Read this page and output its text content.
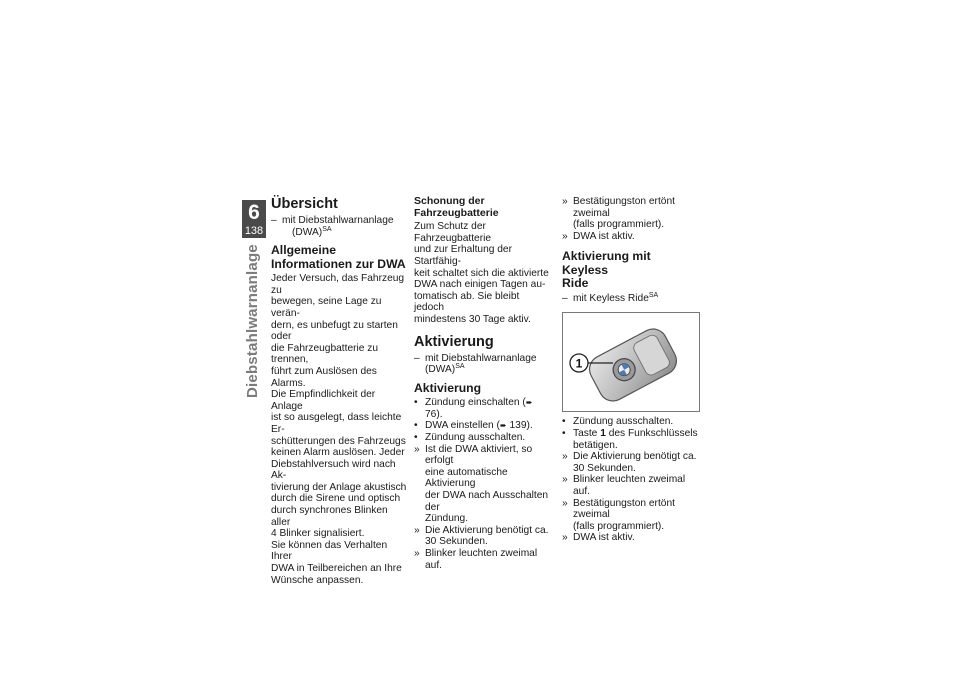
6
138
Diebstahlwarnanlage
Übersicht
– mit Diebstahlwarnanlage
(DWA)$^{SA}$
Allgemeine Informationen zur DWA
Jeder Versuch, das Fahrzeug zu
bewegen, seine Lage zu verän-
dern, es unbefugt zu starten oder
die Fahrzeugbatterie zu trennen,
führt zum Auslösen des Alarms.
Die Empfindlichkeit der Anlage
ist so ausgelegt, dass leichte Er-
schütterungen des Fahrzeugs
keinen Alarm auslösen. Jeder
Diebstahlversuch wird nach Ak-
tivierung der Anlage akustisch
durch die Sirene und optisch
durch synchrones Blinken aller
4 Blinker signalisiert.
Sie können das Verhalten Ihrer
DWA in Teilbereichen an Ihre
Wünsche anpassen.
Schonung der
Fahrzeugbatterie
Zum Schutz der Fahrzeugbatterie
und zur Erhaltung der Startfähig-
keit schaltet sich die aktivierte
DWA nach einigen Tagen au-
tomatisch ab. Sie bleibt jedoch
mindestens 30 Tage aktiv.
Aktivierung
– mit Diebstahlwarnanlage
(DWA)$^{SA}$
Aktivierung
• Zündung einschalten (➨ 76).
• DWA einstellen (➨ 139).
• Zündung ausschalten.
» Ist die DWA aktiviert, so erfolgt
eine automatische Aktivierung
der DWA nach Ausschalten der
Zündung.
» Die Aktivierung benötigt ca.
30 Sekunden.
» Blinker leuchten zweimal auf.
» Bestätigungston ertönt zweimal
(falls programmiert).
» DWA ist aktiv.
Aktivierung mit Keyless
Ride
– mit Keyless Ride$^{SA}$
1
• Zündung ausschalten.
• Taste 1 des Funkschlüssels
betätigen.
» Die Aktivierung benötigt ca.
30 Sekunden.
» Blinker leuchten zweimal auf.
» Bestätigungston ertönt zweimal
(falls programmiert).
» DWA ist aktiv.
